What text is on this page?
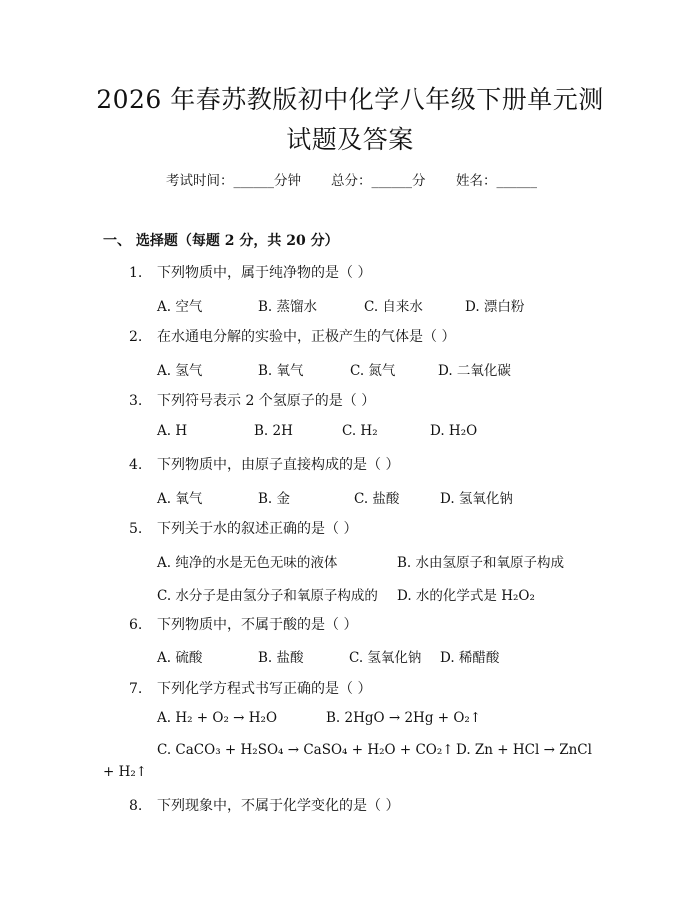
2026 年春苏教版初中化学八年级下册单元测
试题及答案
考试时间：______分钟 总分：______分 姓名：______
一、 选择题（每题 2 分，共 20 分）
1. 下列物质中，属于纯净物的是（ ）
A. 空气	B. 蒸馏水	C. 自来水	D. 漂白粉
2. 在水通电分解的实验中，正极产生的气体是（ ）
A. 氢气	B. 氧气	C. 氮气	D. 二氧化碳
3. 下列符号表示 2 个氢原子的是（ ）
A. H	B. 2H	C. H₂	D. H₂O
4. 下列物质中，由原子直接构成的是（ ）
A. 氧气	B. 金	C. 盐酸	D. 氢氧化钠
5. 下列关于水的叙述正确的是（ ）
A. 纯净的水是无色无味的液体	B. 水由氢原子和氧原子构成
C. 水分子是由氢分子和氧原子构成的 D. 水的化学式是 H₂O₂
6. 下列物质中，不属于酸的是（ ）
A. 硫酸	B. 盐酸	C. 氢氧化钠 D. 稀醋酸
7. 下列化学方程式书写正确的是（ ）
A. H₂ + O₂ → H₂O	B. 2HgO → 2Hg + O₂↑
C. CaCO₃ + H₂SO₄ → CaSO₄ + H₂O + CO₂↑ D. Zn + HCl → ZnCl
+ H₂↑
8. 下列现象中，不属于化学变化的是（ ）
